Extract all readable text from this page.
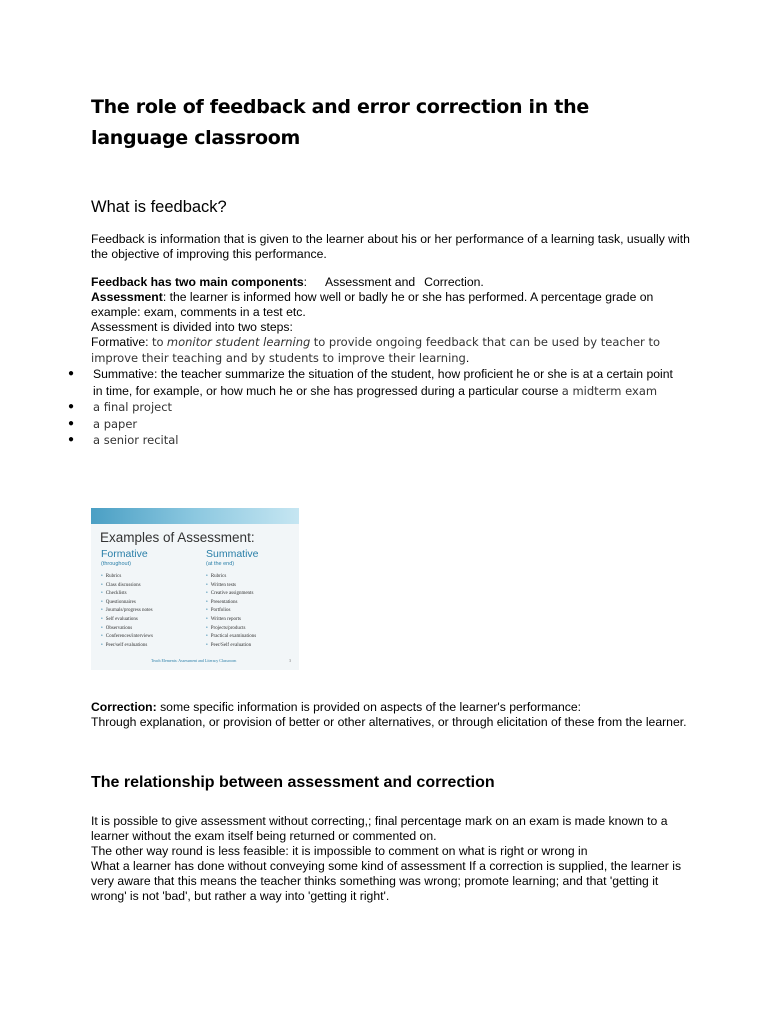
The role of feedback and error correction in the language classroom
What is feedback?
Feedback is information that is given to the learner about his or her performance of a learning task, usually with the objective of improving this performance.
Feedback has two main components: Assessment and Correction.
Assessment: the learner is informed how well or badly he or she has performed. A percentage grade on example: exam, comments in a test etc.
Assessment is divided into two steps:
Formative: to monitor student learning to provide ongoing feedback that can be used by teacher to improve their teaching and by students to improve their learning.
●	Summative: the teacher summarize the situation of the student, how proficient he or she is at a certain point in time, for example, or how much he or she has progressed during a particular course a midterm exam
●	a final project
●	a paper
●	a senior recital
Examples of Assessment:
Formative
(throughout)
• Rubrics
• Class discussions
• Checklists
• Questionnaires
• Journals/progress notes
• Self evaluations
• Observations
• Conferences/interviews
• Peer/self evaluations
Summative
(at the end)
• Rubrics
• Written tests
• Creative assignments
• Presentations
• Portfolios
• Written reports
• Projects/products
• Practical examinations
• Peer/Self evaluation
Teach Elements: Assessment and Literacy Classroom	3
Correction: some specific information is provided on aspects of the learner's performance:
Through explanation, or provision of better or other alternatives, or through elicitation of these from the learner.
The relationship between assessment and correction
It is possible to give assessment without correcting,; final percentage mark on an exam is made known to a learner without the exam itself being returned or commented on.
The other way round is less feasible: it is impossible to comment on what is right or wrong in
What a learner has done without conveying some kind of assessment If a correction is supplied, the learner is very aware that this means the teacher thinks something was wrong; promote learning; and that 'getting it wrong' is not 'bad', but rather a way into 'getting it right'.
